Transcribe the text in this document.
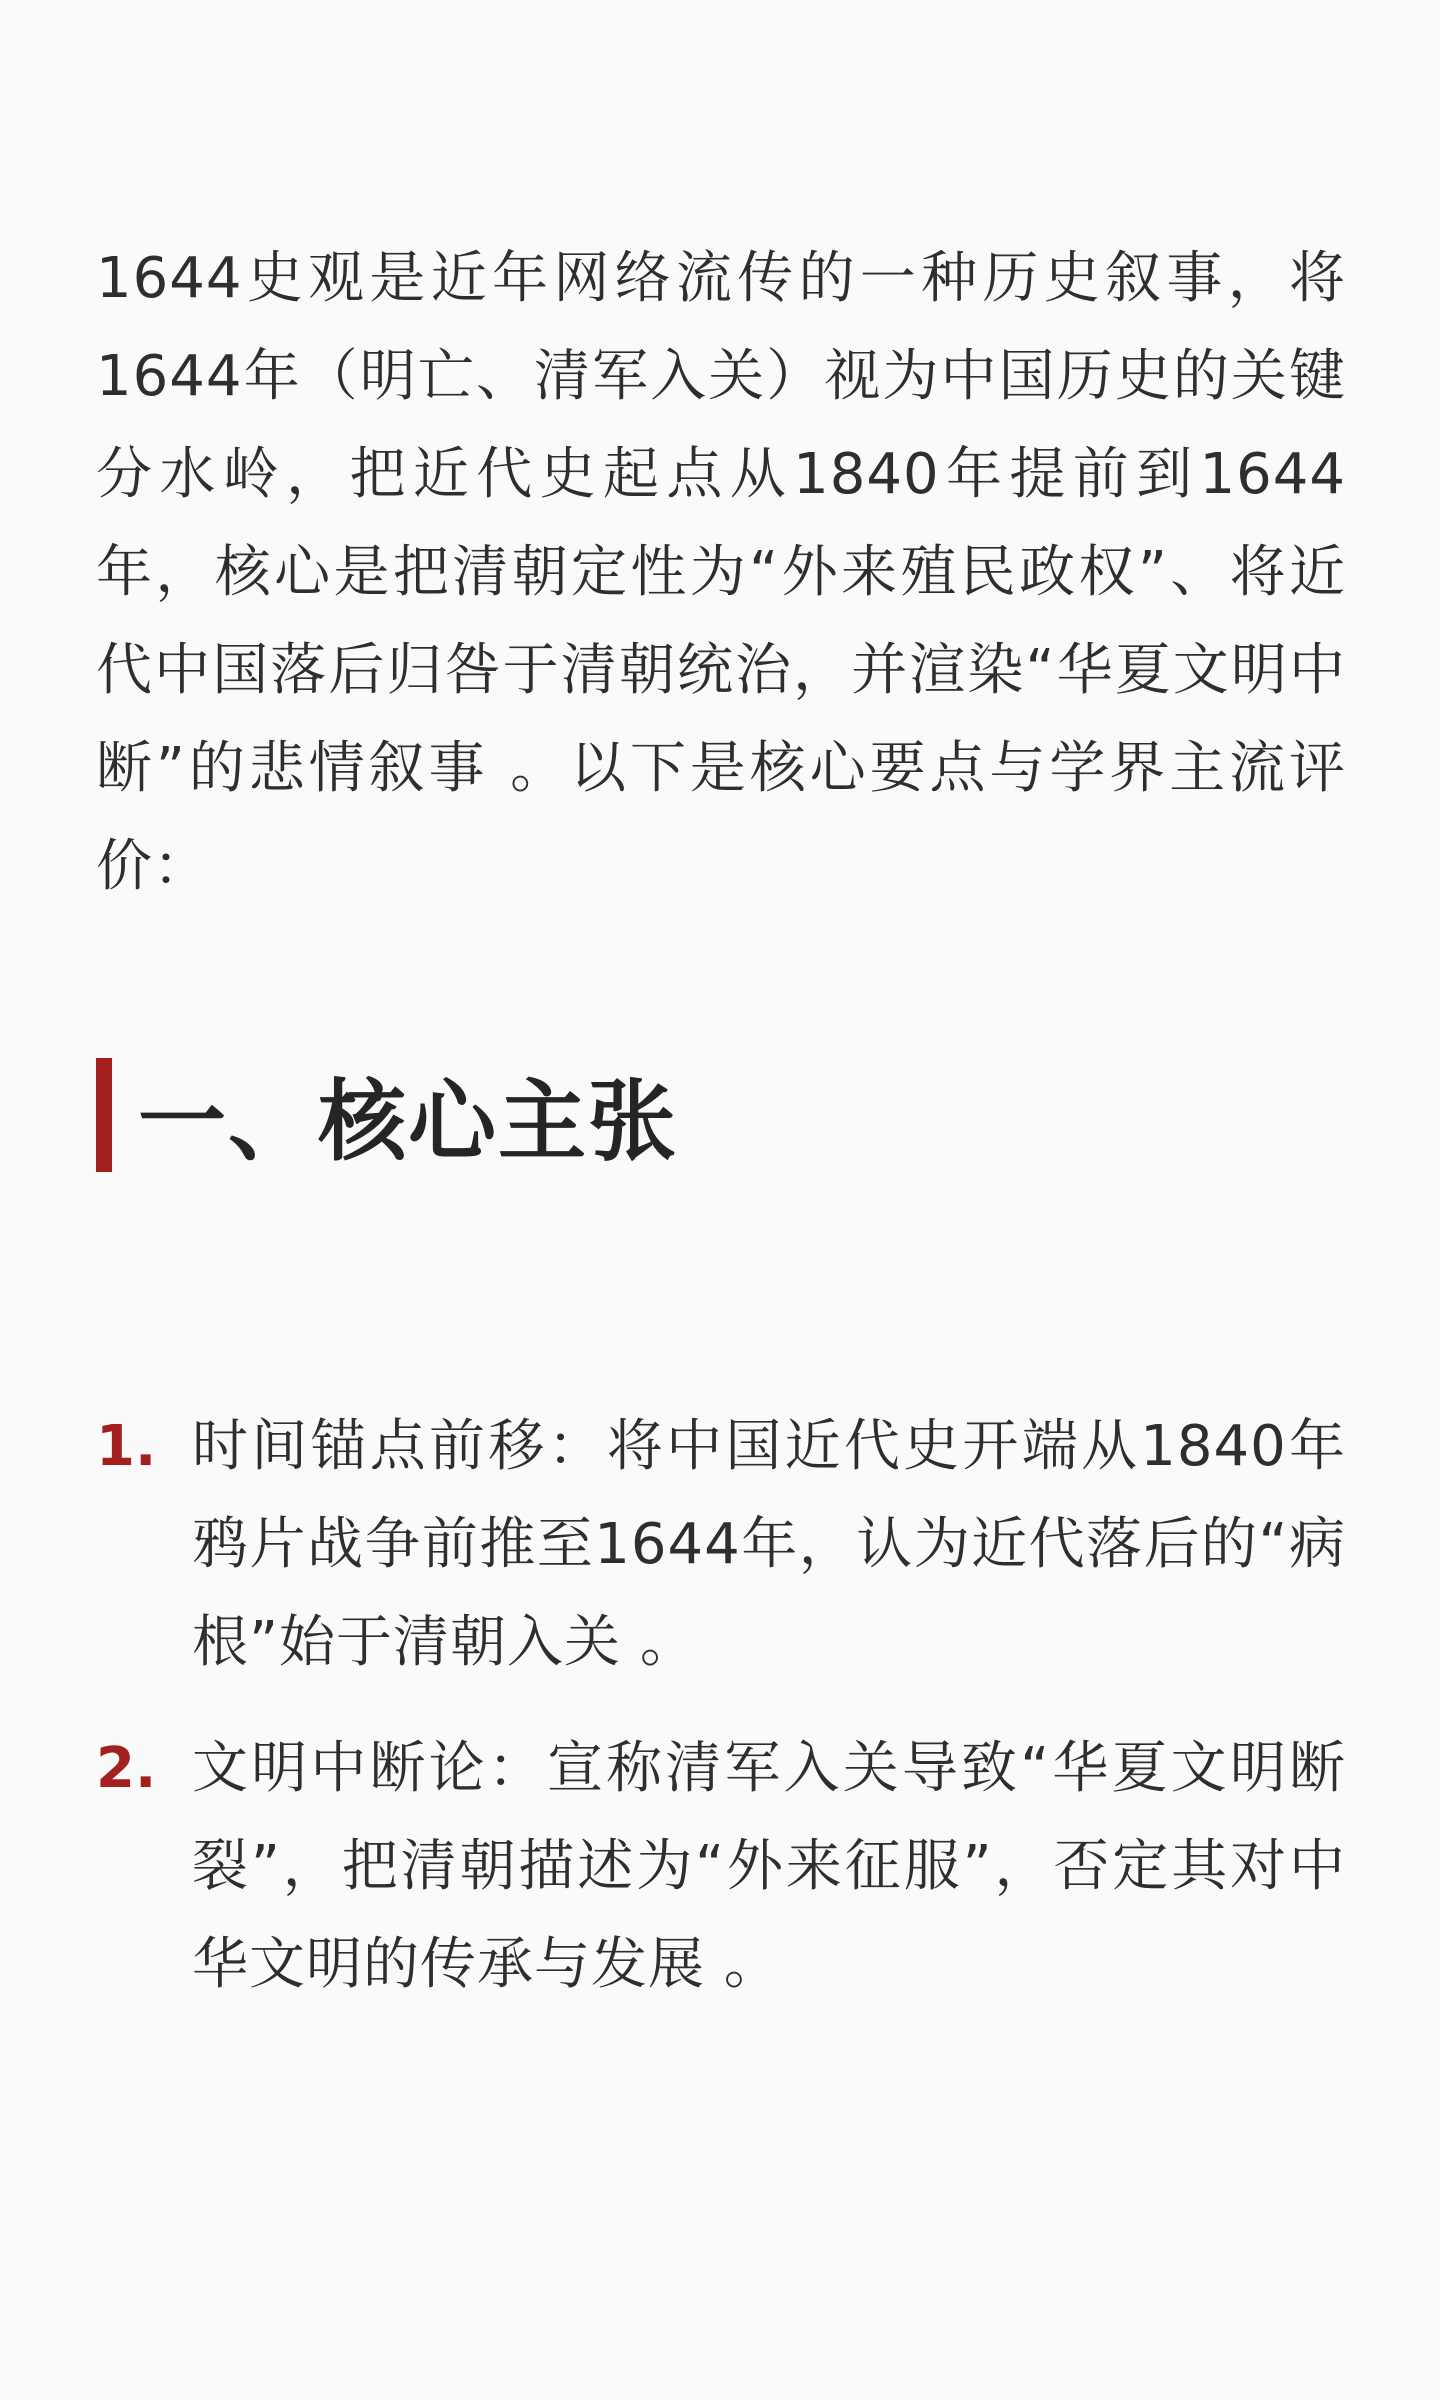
1644史观是近年网络流传的一种历史叙事，将1644年（明亡、清军入关）视为中国历史的关键分水岭，把近代史起点从1840年提前到1644年，核心是把清朝定性为“外来殖民政权”、将近代中国落后归咎于清朝统治，并渲染“华夏文明中断”的悲情叙事 。以下是核心要点与学界主流评价：

一、核心主张
1. 时间锚点前移：将中国近代史开端从1840年鸦片战争前推至1644年，认为近代落后的“病根”始于清朝入关 。
2. 文明中断论：宣称清军入关导致“华夏文明断裂”，把清朝描述为“外来征服”，否定其对中华文明的传承与发展 。
